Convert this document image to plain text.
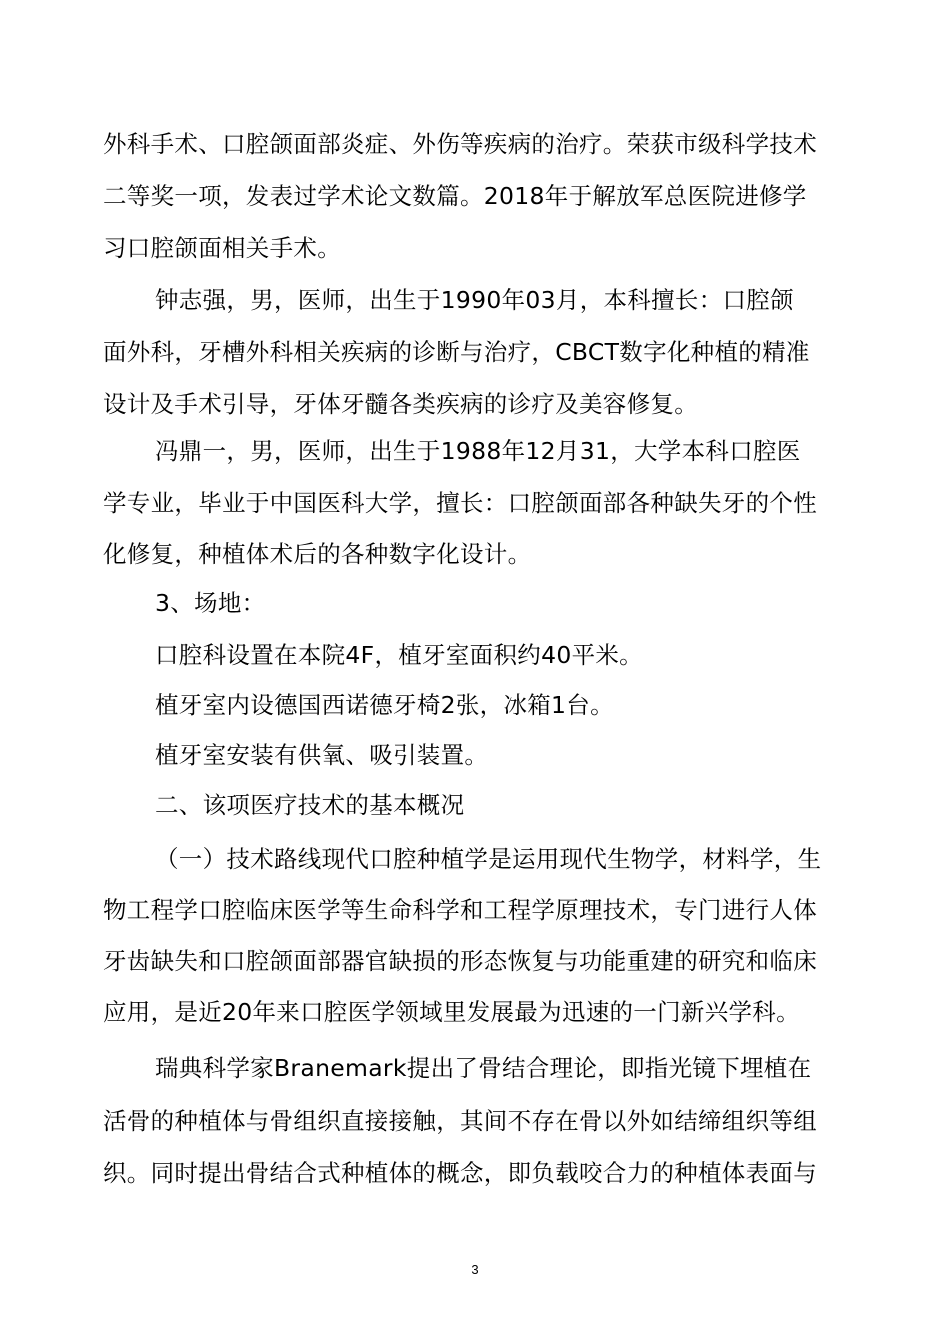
外科手术、口腔颌面部炎症、外伤等疾病的治疗。荣获市级科学技术
二等奖一项，发表过学术论文数篇。2018年于解放军总医院进修学
习口腔颌面相关手术。
钟志强，男，医师，出生于1990年03月，本科擅长：口腔颌
面外科，牙槽外科相关疾病的诊断与治疗，CBCT数字化种植的精准
设计及手术引导，牙体牙髓各类疾病的诊疗及美容修复。
冯鼎一，男，医师，出生于1988年12月31，大学本科口腔医
学专业，毕业于中国医科大学，擅长：口腔颌面部各种缺失牙的个性
化修复，种植体术后的各种数字化设计。
3、场地：
口腔科设置在本院4F，植牙室面积约40平米。
植牙室内设德国西诺德牙椅2张，冰箱1台。
植牙室安装有供氧、吸引装置。
二、该项医疗技术的基本概况
（一）技术路线现代口腔种植学是运用现代生物学，材料学，生
物工程学口腔临床医学等生命科学和工程学原理技术，专门进行人体
牙齿缺失和口腔颌面部器官缺损的形态恢复与功能重建的研究和临床
应用，是近20年来口腔医学领域里发展最为迅速的一门新兴学科。
瑞典科学家Branemark提出了骨结合理论，即指光镜下埋植在
活骨的种植体与骨组织直接接触，其间不存在骨以外如结缔组织等组
织。同时提出骨结合式种植体的概念，即负载咬合力的种植体表面与
3
